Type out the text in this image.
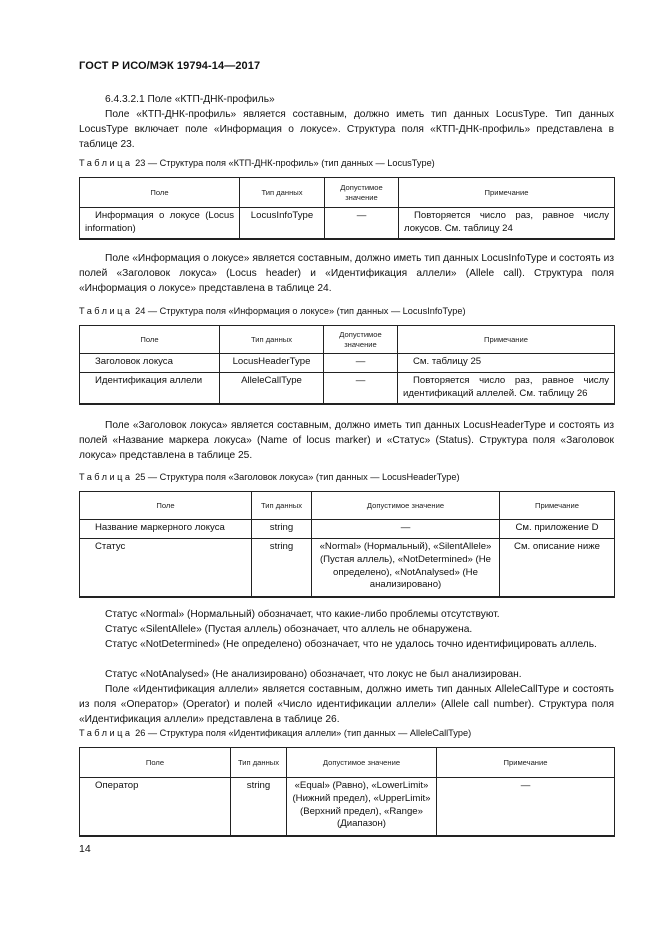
ГОСТ Р ИСО/МЭК 19794-14—2017
6.4.3.2.1 Поле «КТП-ДНК-профиль»
Поле «КТП-ДНК-профиль» является составным, должно иметь тип данных LocusType. Тип данных LocusType включает поле «Информация о локусе». Структура поля «КТП-ДНК-профиль» представлена в таблице 23.
Таблица 23 — Структура поля «КТП-ДНК-профиль» (тип данных — LocusType)
Поле	Тип данных	Допустимое значение	Примечание
Информация о локусе (Locus information)	LocusInfoType	—	Повторяется число раз, равное числу локусов. См. таблицу 24
Поле «Информация о локусе» является составным, должно иметь тип данных LocusInfoType и состоять из полей «Заголовок локуса» (Locus header) и «Идентификация аллели» (Allele call). Структура поля «Информация о локусе» представлена в таблице 24.
Таблица 24 — Структура поля «Информация о локусе» (тип данных — LocusInfoType)
Поле	Тип данных	Допустимое значение	Примечание
Заголовок локуса	LocusHeaderType	—	См. таблицу 25
Идентификация аллели	AlleleCallType	—	Повторяется число раз, равное числу идентификаций аллелей. См. таблицу 26
Поле «Заголовок локуса» является составным, должно иметь тип данных LocusHeaderType и состоять из полей «Название маркера локуса» (Name of locus marker) и «Статус» (Status). Структура поля «Заголовок локуса» представлена в таблице 25.
Таблица 25 — Структура поля «Заголовок локуса» (тип данных — LocusHeaderType)
Поле	Тип данных	Допустимое значение	Примечание
Название маркерного локуса	string	—	См. приложение D
Статус	string	«Normal» (Нормальный), «SilentAllele» (Пустая аллель), «NotDetermined» (Не определено), «NotAnalysed» (Не анализировано)	См. описание ниже
Статус «Normal» (Нормальный) обозначает, что какие-либо проблемы отсутствуют.
Статус «SilentAllele» (Пустая аллель) обозначает, что аллель не обнаружена.
Статус «NotDetermined» (Не определено) обозначает, что не удалось точно идентифицировать аллель.
Статус «NotAnalysed» (Не анализировано) обозначает, что локус не был анализирован.
Поле «Идентификация аллели» является составным, должно иметь тип данных AlleleCallType и состоять из поля «Оператор» (Operator) и полей «Число идентификации аллели» (Allele call number). Структура поля «Идентификация аллели» представлена в таблице 26.
Таблица 26 — Структура поля «Идентификация аллели» (тип данных — AlleleCallType)
Поле	Тип данных	Допустимое значение	Примечание
Оператор	string	«Equal» (Равно), «LowerLimit» (Нижний предел), «UpperLimit» (Верхний предел), «Range» (Диапазон)	—
14
